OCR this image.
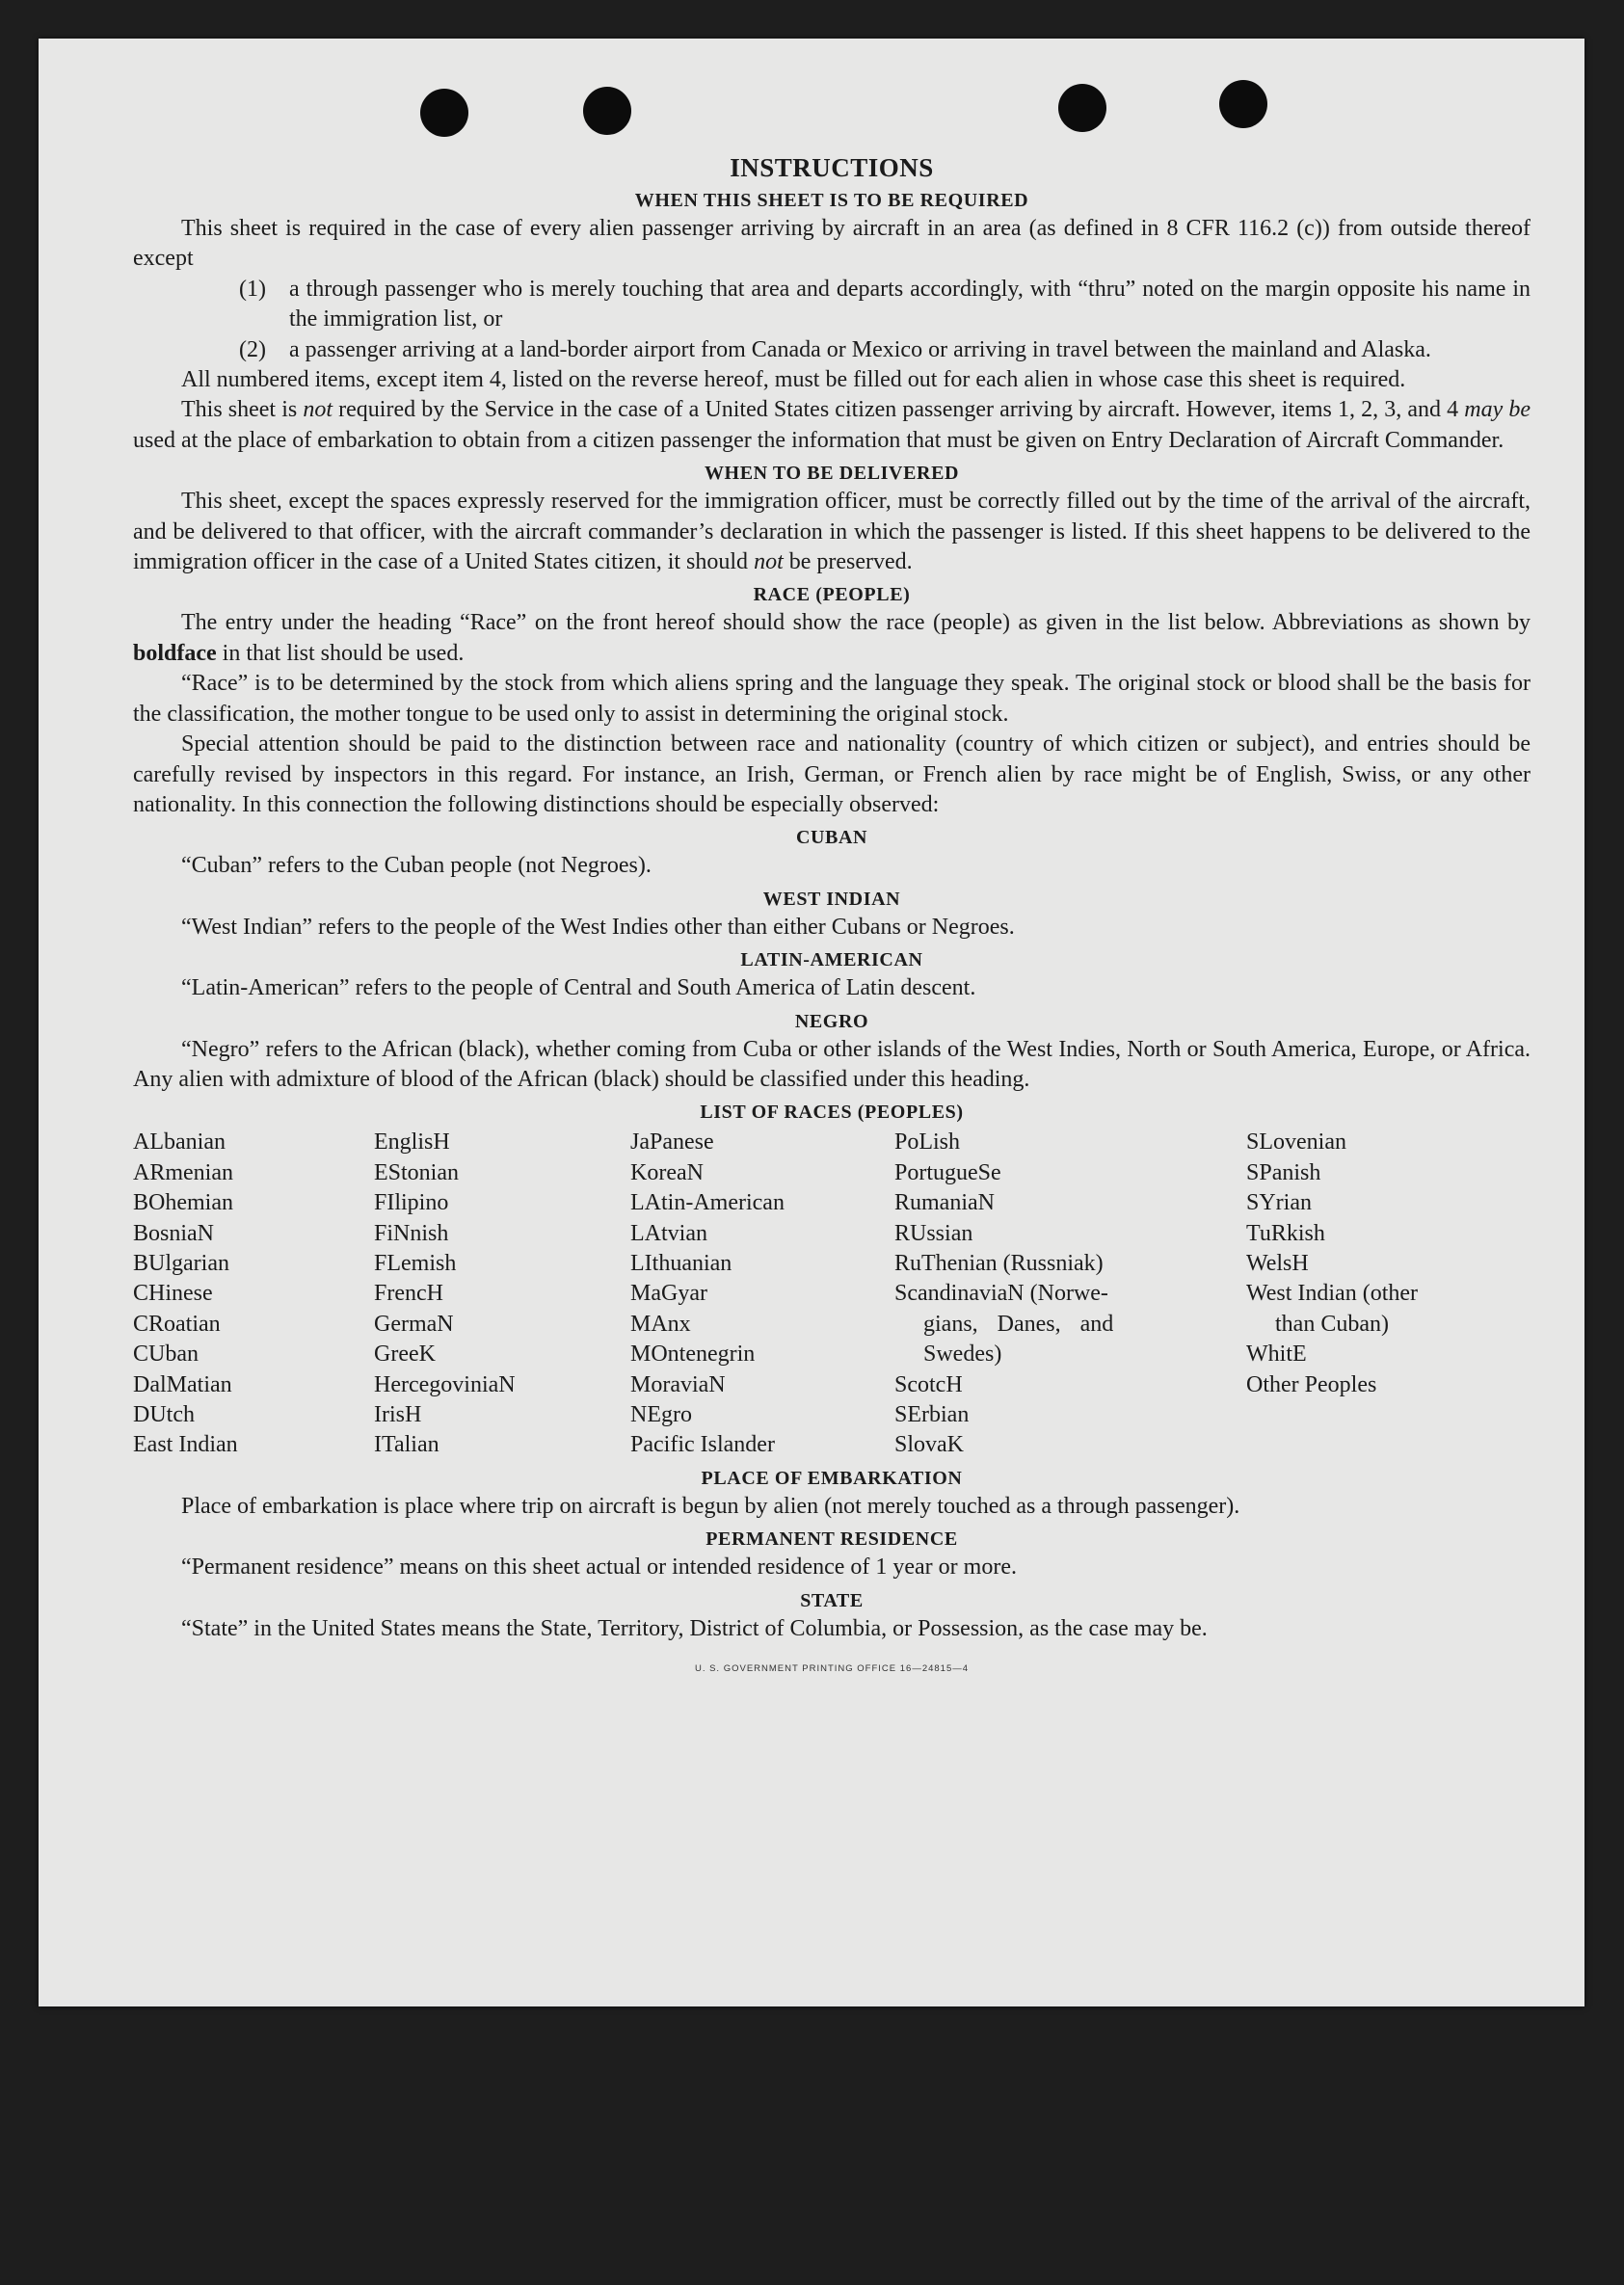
INSTRUCTIONS
WHEN THIS SHEET IS TO BE REQUIRED

This sheet is required in the case of every alien passenger arriving by aircraft in an area (as defined in 8 CFR 116.2 (c)) from outside thereof except

(1)	a through passenger who is merely touching that area and departs accordingly, with “thru” noted on the margin opposite his name in the immigration list, or
(2)	a passenger arriving at a land-border airport from Canada or Mexico or arriving in travel between the mainland and Alaska.

All numbered items, except item 4, listed on the reverse hereof, must be filled out for each alien in whose case this sheet is required.

This sheet is not required by the Service in the case of a United States citizen passenger arriving by aircraft. However, items 1, 2, 3, and 4 may be used at the place of embarkation to obtain from a citizen passenger the information that must be given on Entry Declaration of Aircraft Commander.

WHEN TO BE DELIVERED

This sheet, except the spaces expressly reserved for the immigration officer, must be correctly filled out by the time of the arrival of the aircraft, and be delivered to that officer, with the aircraft commander’s declaration in which the passenger is listed. If this sheet happens to be delivered to the immigration officer in the case of a United States citizen, it should not be preserved.

RACE (PEOPLE)

The entry under the heading “Race” on the front hereof should show the race (people) as given in the list below. Abbreviations as shown by boldface in that list should be used.

“Race” is to be determined by the stock from which aliens spring and the language they speak. The original stock or blood shall be the basis for the classification, the mother tongue to be used only to assist in determining the original stock.

Special attention should be paid to the distinction between race and nationality (country of which citizen or subject), and entries should be carefully revised by inspectors in this regard. For instance, an Irish, German, or French alien by race might be of English, Swiss, or any other nationality. In this connection the following distinctions should be especially observed:

CUBAN

“Cuban” refers to the Cuban people (not Negroes).

WEST INDIAN

“West Indian” refers to the people of the West Indies other than either Cubans or Negroes.

LATIN-AMERICAN

“Latin-American” refers to the people of Central and South America of Latin descent.

NEGRO

“Negro” refers to the African (black), whether coming from Cuba or other islands of the West Indies, North or South America, Europe, or Africa. Any alien with admixture of blood of the African (black) should be classified under this heading.

LIST OF RACES (PEOPLES)
ALbanian
ARmenian
BOhemian
BosniaN
BUlgarian
CHinese
CRoatian
CUban
DalMatian
DUtch
East Indian
EnglisH
EStonian
FIlipino
FiNnish
FLemish
FrencH
GermaN
GreeK
HercegoviniaN
IrisH
ITalian
JaPanese
KoreaN
LAtin-American
LAtvian
LIthuanian
MaGyar
MAnx
MOntenegrin
MoraviaN
NEgro
Pacific Islander
PoLish
PortugueSe
RumaniaN
RUssian
RuThenian (Russniak)
ScandinaviaN (Norwe-
gians, Danes, and
Swedes)
ScotcH
SErbian
SlovaK
SLovenian
SPanish
SYrian
TuRkish
WelsH
West Indian (other
than Cuban)
WhitE
Other Peoples
PLACE OF EMBARKATION

Place of embarkation is place where trip on aircraft is begun by alien (not merely touched as a through passenger).

PERMANENT RESIDENCE

“Permanent residence” means on this sheet actual or intended residence of 1 year or more.

STATE

“State” in the United States means the State, Territory, District of Columbia, or Possession, as the case may be.

U. S. GOVERNMENT PRINTING OFFICE 16—24815—4
